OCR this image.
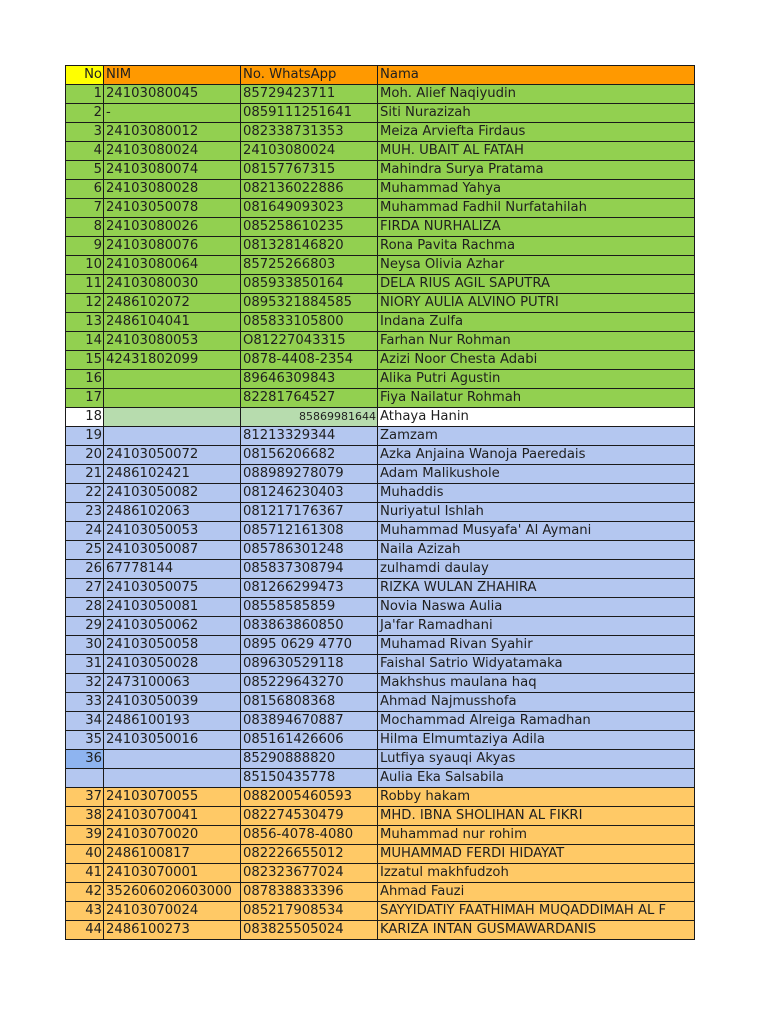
No	NIM	No. WhatsApp	Nama
1	24103080045	85729423711	Moh. Alief Naqiyudin
2	-	0859111251641	Siti Nurazizah
3	24103080012	082338731353	Meiza Arviefta Firdaus
4	24103080024	24103080024	MUH. UBAIT AL FATAH
5	24103080074	08157767315	Mahindra Surya Pratama
6	24103080028	082136022886	Muhammad Yahya
7	24103050078	081649093023	Muhammad Fadhil Nurfatahilah
8	24103080026	085258610235	FIRDA NURHALIZA
9	24103080076	081328146820	Rona Pavita Rachma
10	24103080064	85725266803	Neysa Olivia Azhar
11	24103080030	085933850164	DELA RIUS AGIL SAPUTRA
12	2486102072	0895321884585	NIORY AULIA ALVINO PUTRI
13	2486104041	085833105800	Indana Zulfa
14	24103080053	O81227043315	Farhan Nur Rohman
15	42431802099	0878-4408-2354	Azizi Noor Chesta Adabi
16		89646309843	Alika Putri Agustin
17		82281764527	Fiya Nailatur Rohmah
18		85869981644	Athaya Hanin
19		81213329344	Zamzam
20	24103050072	08156206682	Azka Anjaina Wanoja Paeredais
21	2486102421	088989278079	Adam Malikushole
22	24103050082	081246230403	Muhaddis
23	2486102063	081217176367	Nuriyatul Ishlah
24	24103050053	085712161308	Muhammad Musyafa' Al Aymani
25	24103050087	085786301248	Naila Azizah
26	67778144	085837308794	zulhamdi daulay
27	24103050075	081266299473	RIZKA WULAN ZHAHIRA
28	24103050081	08558585859	Novia Naswa Aulia
29	24103050062	083863860850	Ja'far Ramadhani
30	24103050058	0895 0629 4770	Muhamad Rivan Syahir
31	24103050028	089630529118	Faishal Satrio Widyatamaka
32	2473100063	085229643270	Makhshus maulana haq
33	24103050039	08156808368	Ahmad Najmusshofa
34	2486100193	083894670887	Mochammad Alreiga Ramadhan
35	24103050016	085161426606	Hilma Elmumtaziya Adila
36		85290888820	Lutfiya syauqi Akyas
		85150435778	Aulia Eka Salsabila
37	24103070055	0882005460593	Robby hakam
38	24103070041	082274530479	MHD. IBNA SHOLIHAN AL FIKRI
39	24103070020	0856-4078-4080	Muhammad nur rohim
40	2486100817	082226655012	MUHAMMAD FERDI HIDAYAT
41	24103070001	082323677024	Izzatul makhfudzoh
42	352606020603000	087838833396	Ahmad Fauzi
43	24103070024	085217908534	SAYYIDATIY FAATHIMAH MUQADDIMAH AL F
44	2486100273	083825505024	KARIZA INTAN GUSMAWARDANIS
